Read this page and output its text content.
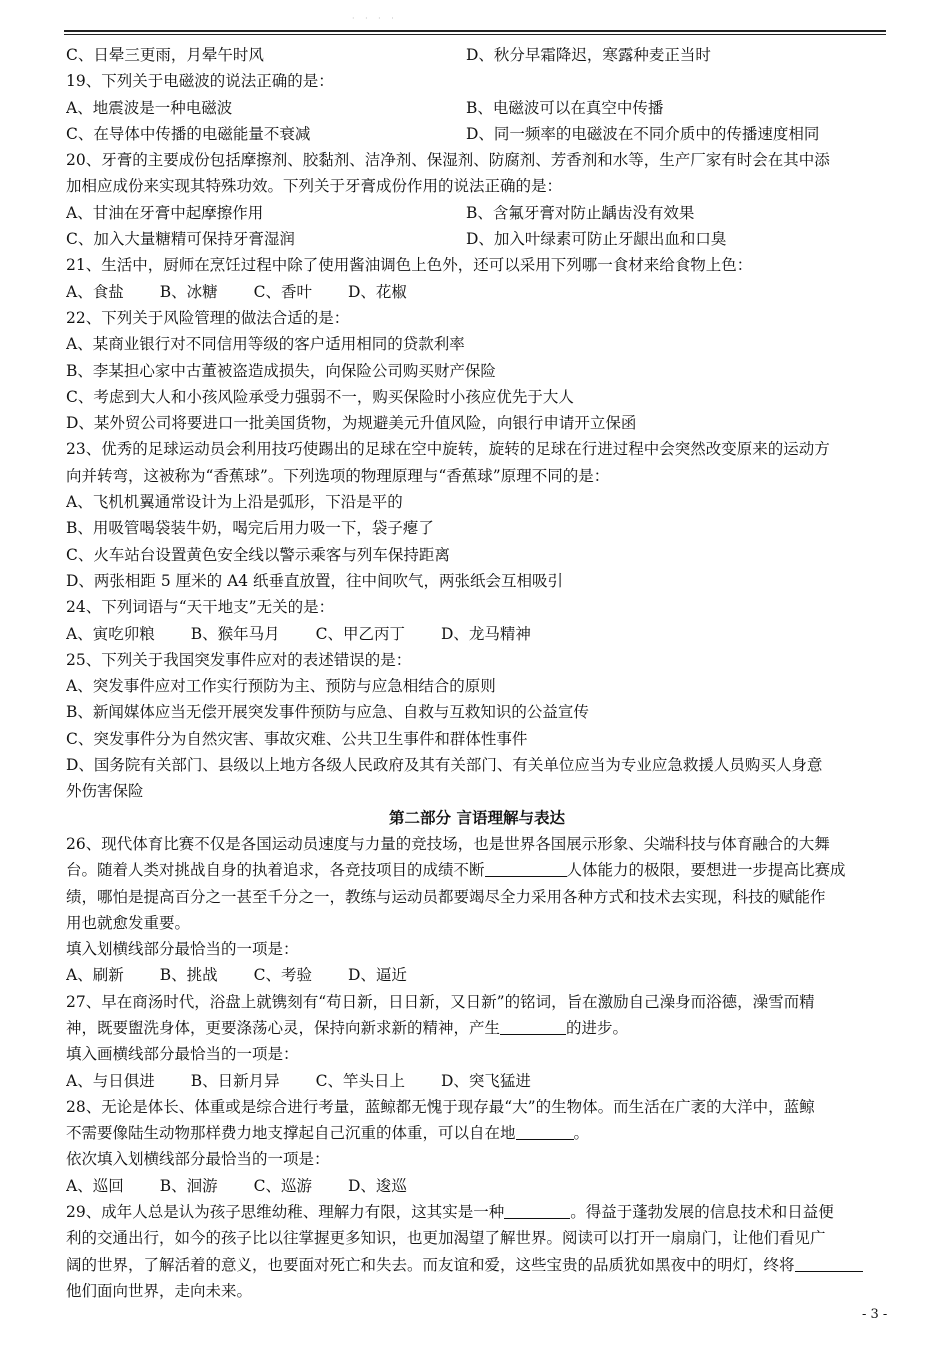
· · · ·
C、日晕三更雨，月晕午时风	D、秋分早霜降迟，寒露种麦正当时
19、下列关于电磁波的说法正确的是：
A、地震波是一种电磁波	B、电磁波可以在真空中传播
C、在导体中传播的电磁能量不衰减	D、同一频率的电磁波在不同介质中的传播速度相同
20、牙膏的主要成份包括摩擦剂、胶黏剂、洁净剂、保湿剂、防腐剂、芳香剂和水等，生产厂家有时会在其中添
加相应成份来实现其特殊功效。下列关于牙膏成份作用的说法正确的是：
A、甘油在牙膏中起摩擦作用	B、含氟牙膏对防止龋齿没有效果
C、加入大量糖精可保持牙膏湿润	D、加入叶绿素可防止牙龈出血和口臭
21、生活中，厨师在烹饪过程中除了使用酱油调色上色外，还可以采用下列哪一食材来给食物上色：
A、食盐 B、冰糖 C、香叶 D、花椒
22、下列关于风险管理的做法合适的是：
A、某商业银行对不同信用等级的客户适用相同的贷款利率
B、李某担心家中古董被盗造成损失，向保险公司购买财产保险
C、考虑到大人和小孩风险承受力强弱不一，购买保险时小孩应优先于大人
D、某外贸公司将要进口一批美国货物，为规避美元升值风险，向银行申请开立保函
23、优秀的足球运动员会利用技巧使踢出的足球在空中旋转，旋转的足球在行进过程中会突然改变原来的运动方
向并转弯，这被称为“香蕉球”。下列选项的物理原理与“香蕉球”原理不同的是：
A、飞机机翼通常设计为上沿是弧形，下沿是平的
B、用吸管喝袋装牛奶，喝完后用力吸一下，袋子瘪了
C、火车站台设置黄色安全线以警示乘客与列车保持距离
D、两张相距 5 厘米的 A4 纸垂直放置，往中间吹气，两张纸会互相吸引
24、下列词语与“天干地支”无关的是：
A、寅吃卯粮 B、猴年马月 C、甲乙丙丁 D、龙马精神
25、下列关于我国突发事件应对的表述错误的是：
A、突发事件应对工作实行预防为主、预防与应急相结合的原则
B、新闻媒体应当无偿开展突发事件预防与应急、自救与互救知识的公益宣传
C、突发事件分为自然灾害、事故灾难、公共卫生事件和群体性事件
D、国务院有关部门、县级以上地方各级人民政府及其有关部门、有关单位应当为专业应急救援人员购买人身意
外伤害保险
第二部分 言语理解与表达
26、现代体育比赛不仅是各国运动员速度与力量的竞技场，也是世界各国展示形象、尖端科技与体育融合的大舞
台。随着人类对挑战自身的执着追求，各竞技项目的成绩不断	人体能力的极限，要想进一步提高比赛成
绩，哪怕是提高百分之一甚至千分之一，教练与运动员都要竭尽全力采用各种方式和技术去实现，科技的赋能作
用也就愈发重要。
填入划横线部分最恰当的一项是：
A、刷新 B、挑战 C、考验 D、逼近
27、早在商汤时代，浴盘上就镌刻有“苟日新，日日新，又日新”的铭词，旨在激励自己澡身而浴德，澡雪而精
神，既要盥洗身体，更要涤荡心灵，保持向新求新的精神，产生	的进步。
填入画横线部分最恰当的一项是：
A、与日俱进 B、日新月异 C、竿头日上 D、突飞猛进
28、无论是体长、体重或是综合进行考量，蓝鲸都无愧于现存最“大”的生物体。而生活在广袤的大洋中，蓝鲸
不需要像陆生动物那样费力地支撑起自己沉重的体重，可以自在地	。
依次填入划横线部分最恰当的一项是：
A、巡回 B、洄游 C、巡游 D、逡巡
29、成年人总是认为孩子思维幼稚、理解力有限，这其实是一种	。得益于蓬勃发展的信息技术和日益便
利的交通出行，如今的孩子比以往掌握更多知识，也更加渴望了解世界。阅读可以打开一扇扇门，让他们看见广
阔的世界，了解活着的意义，也要面对死亡和失去。而友谊和爱，这些宝贵的品质犹如黑夜中的明灯，终将
他们面向世界，走向未来。
- 3 -
